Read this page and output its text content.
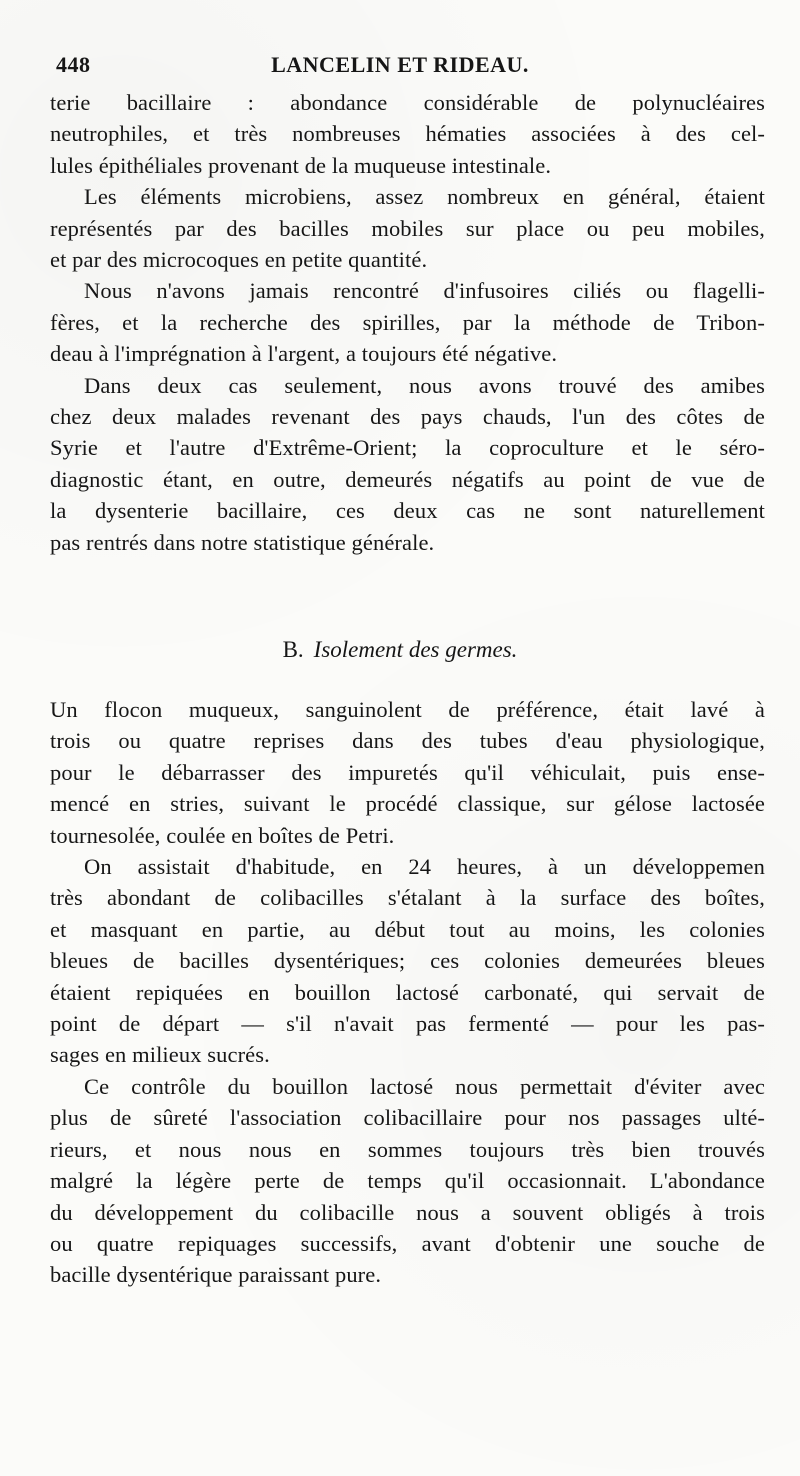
448	LANCELIN ET RIDEAU.
terie bacillaire : abondance considérable de polynucléaires
neutrophiles, et très nombreuses hématies associées à des cel-
lules épithéliales provenant de la muqueuse intestinale.
Les éléments microbiens, assez nombreux en général, étaient
représentés par des bacilles mobiles sur place ou peu mobiles,
et par des microcoques en petite quantité.
Nous n'avons jamais rencontré d'infusoires ciliés ou flagelli-
fères, et la recherche des spirilles, par la méthode de Tribon-
deau à l'imprégnation à l'argent, a toujours été négative.
Dans deux cas seulement, nous avons trouvé des amibes
chez deux malades revenant des pays chauds, l'un des côtes de
Syrie et l'autre d'Extrême-Orient; la coproculture et le séro-
diagnostic étant, en outre, demeurés négatifs au point de vue de
la dysenterie bacillaire, ces deux cas ne sont naturellement
pas rentrés dans notre statistique générale.
B. Isolement des germes.
Un flocon muqueux, sanguinolent de préférence, était lavé à
trois ou quatre reprises dans des tubes d'eau physiologique,
pour le débarrasser des impuretés qu'il véhiculait, puis ense-
mencé en stries, suivant le procédé classique, sur gélose lactosée
tournesolée, coulée en boîtes de Petri.
On assistait d'habitude, en 24 heures, à un développemen
très abondant de colibacilles s'étalant à la surface des boîtes,
et masquant en partie, au début tout au moins, les colonies
bleues de bacilles dysentériques; ces colonies demeurées bleues
étaient repiquées en bouillon lactosé carbonaté, qui servait de
point de départ — s'il n'avait pas fermenté — pour les pas-
sages en milieux sucrés.
Ce contrôle du bouillon lactosé nous permettait d'éviter avec
plus de sûreté l'association colibacillaire pour nos passages ulté-
rieurs, et nous nous en sommes toujours très bien trouvés
malgré la légère perte de temps qu'il occasionnait. L'abondance
du développement du colibacille nous a souvent obligés à trois
ou quatre repiquages successifs, avant d'obtenir une souche de
bacille dysentérique paraissant pure.
